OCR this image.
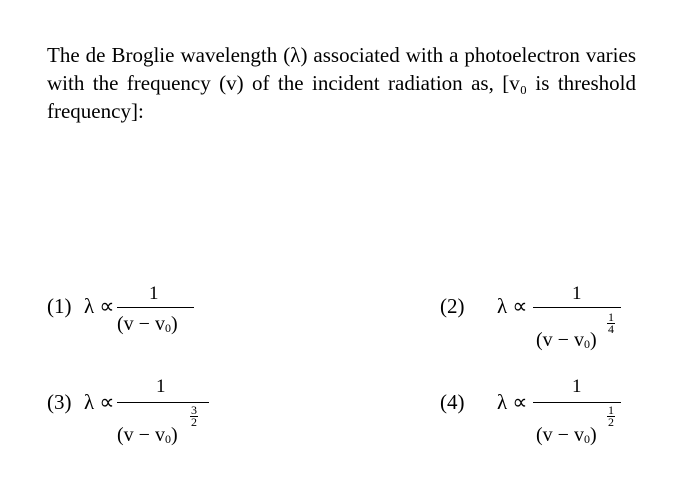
The de Broglie wavelength (λ) associated with a photoelectron varies with the frequency (v) of the incident radiation as, [v₀ is threshold frequency]:

(1) λ ∝
1
$(v - v_0)$
(2) λ ∝
1
$(v - v_0)$
1
4
(3) λ ∝
1
$(v - v_0)$
3
2
(4) λ ∝
1
$(v - v_0)$
1
2
